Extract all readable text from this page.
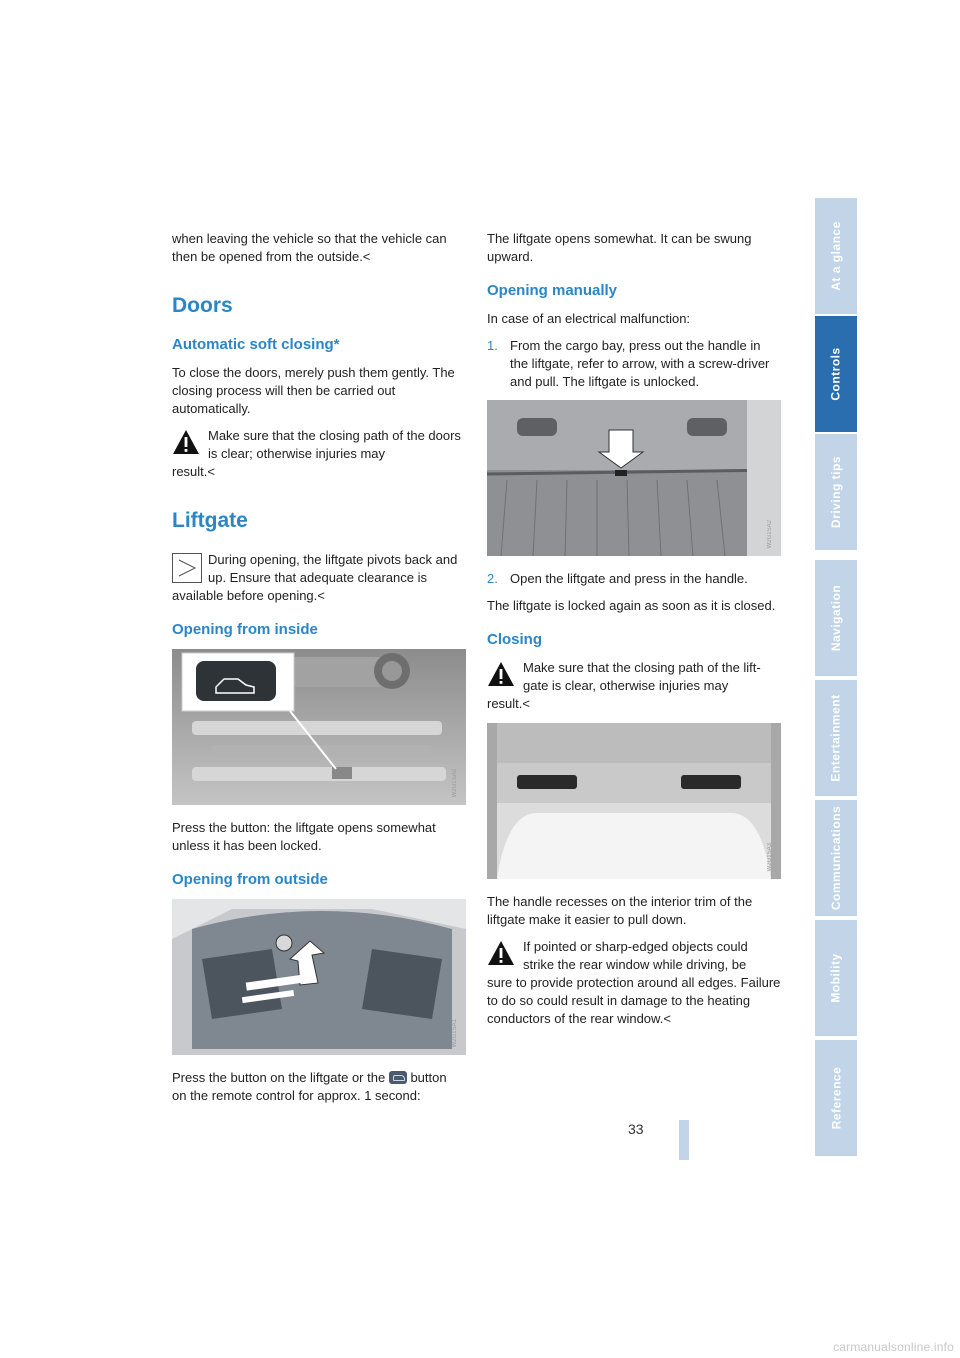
when leaving the vehicle so that the vehicle can then be opened from the outside.<

Doors
Automatic soft closing*

To close the doors, merely push them gently. The closing process will then be carried out automatically.

Make sure that the closing path of the doors is clear; otherwise injuries may
result.<
Liftgate
During opening, the liftgate pivots back and up. Ensure that adequate clearance is
available before opening.<
Opening from inside
W2G1SA0

Press the button: the liftgate opens somewhat unless it has been locked.

Opening from outside
W2G1SA1

Press the button on the liftgate or the button on the remote control for approx. 1 second:

The liftgate opens somewhat. It can be swung upward.

Opening manually

In case of an electrical malfunction:

1. From the cargo bay, press out the handle in the liftgate, refer to arrow, with a screw-driver and pull. The liftgate is unlocked.
W2G1SA2
2. Open the liftgate and press in the handle.

The liftgate is locked again as soon as it is closed.

Closing
Make sure that the closing path of the lift-gate is clear, otherwise injuries may
result.<
W2G1SA3

The handle recesses on the interior trim of the liftgate make it easier to pull down.

If pointed or sharp-edged objects could strike the rear window while driving, be
sure to provide protection around all edges. Failure to do so could result in damage to the heating conductors of the rear window.<
At a glance
Controls
Driving tips
Navigation
Entertainment
Communications
Mobility
Reference
33
carmanualsonline.info
